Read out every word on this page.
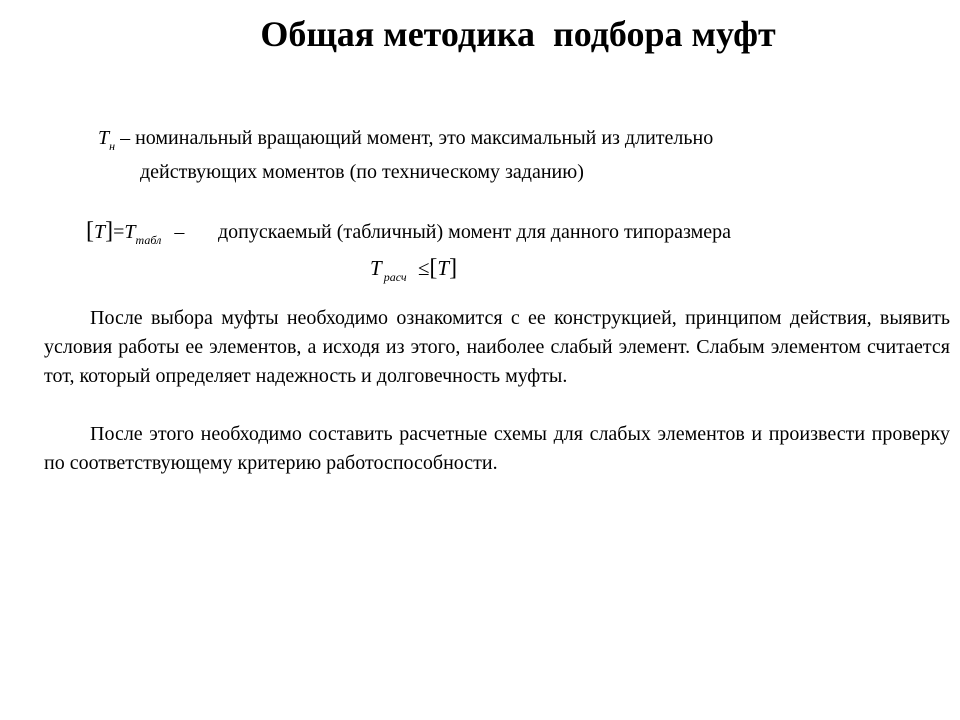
Общая методика  подбора муфт
$T_н$ – номинальный вращающий момент, это максимальный из длительно
действующих моментов (по техническому заданию)
$[T]=T_{табл}$ – допускаемый (табличный) момент для данного типоразмера
T $_{расч}$ ≤[T]

После выбора муфты необходимо ознакомится с ее конструкцией, принципом действия, выявить условия работы ее элементов, а исходя из этого, наиболее слабый элемент. Слабым элементом считается тот, который определяет надежность и долговечность муфты.

После этого необходимо составить расчетные схемы для слабых элементов и произвести проверку по соответствующему критерию работоспособности.
